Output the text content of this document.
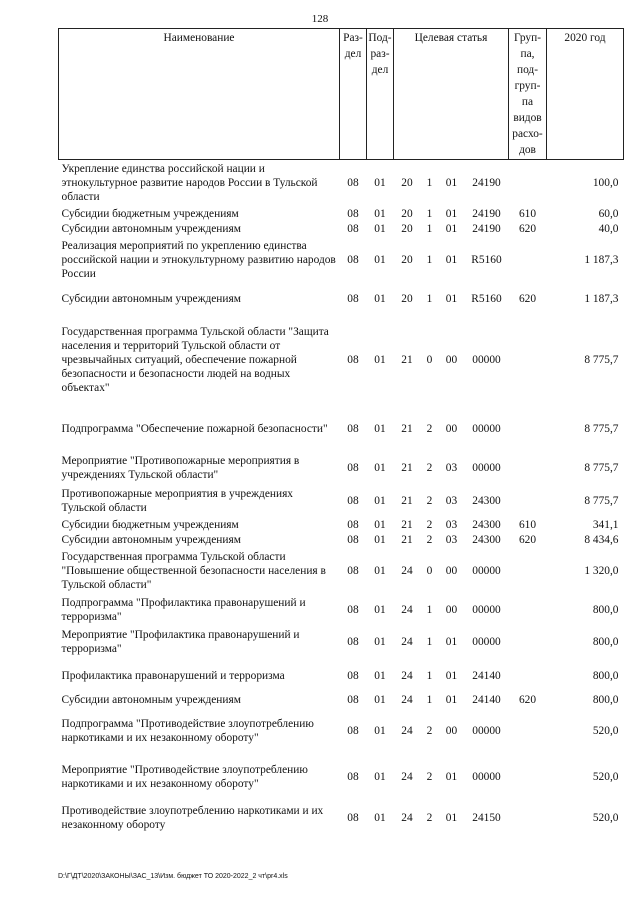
128
Наименование	Раз-дел	Под-раз-дел	Целевая статья				Груп-па, под-груп-па видов расхо-дов	2020 год
Укрепление единства российской нации и этнокультурное развитие народов России в Тульской области	08	01	20	1	01	24190		100,0
Субсидии бюджетным учреждениям	08	01	20	1	01	24190	610	60,0
Субсидии автономным учреждениям	08	01	20	1	01	24190	620	40,0
Реализация мероприятий по укреплению единства российской нации и этнокультурному развитию народов России	08	01	20	1	01	R5160		1 187,3
Субсидии автономным учреждениям	08	01	20	1	01	R5160	620	1 187,3
Государственная программа Тульской области "Защита населения и территорий Тульской области от чрезвычайных ситуаций, обеспечение пожарной безопасности и безопасности людей на водных объектах"	08	01	21	0	00	00000		8 775,7
Подпрограмма "Обеспечение пожарной безопасности"	08	01	21	2	00	00000		8 775,7
Мероприятие "Противопожарные мероприятия в учреждениях Тульской области"	08	01	21	2	03	00000		8 775,7
Противопожарные мероприятия в учреждениях Тульской области	08	01	21	2	03	24300		8 775,7
Субсидии бюджетным учреждениям	08	01	21	2	03	24300	610	341,1
Субсидии автономным учреждениям	08	01	21	2	03	24300	620	8 434,6
Государственная программа Тульской области "Повышение общественной безопасности населения в Тульской области"	08	01	24	0	00	00000		1 320,0
Подпрограмма "Профилактика правонарушений и терроризма"	08	01	24	1	00	00000		800,0
Мероприятие "Профилактика правонарушений и терроризма"	08	01	24	1	01	00000		800,0
Профилактика правонарушений и терроризма	08	01	24	1	01	24140		800,0
Субсидии автономным учреждениям	08	01	24	1	01	24140	620	800,0
Подпрограмма "Противодействие злоупотреблению наркотиками и их незаконному обороту"	08	01	24	2	00	00000		520,0
Мероприятие "Противодействие злоупотреблению наркотиками и их незаконному обороту"	08	01	24	2	01	00000		520,0
Противодействие злоупотреблению наркотиками и их незаконному обороту	08	01	24	2	01	24150		520,0
D:\Г\ДТ\2020\ЗАКОНЫ\ЗАС_13\Изм. бюджет ТО 2020-2022_2 чт\pr4.xls
